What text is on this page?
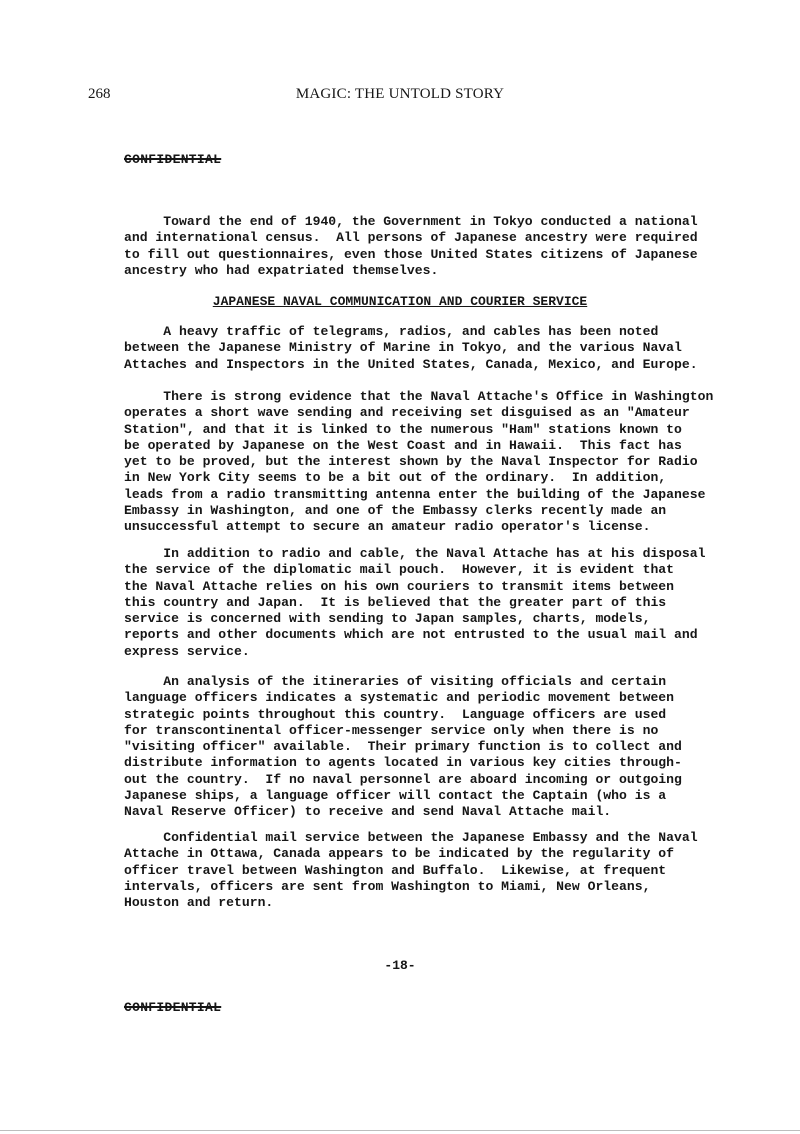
268	MAGIC: THE UNTOLD STORY
CONFIDENTIAL

Toward the end of 1940, the Government in Tokyo conducted a national

and international census.  All persons of Japanese ancestry were required

to fill out questionnaires, even those United States citizens of Japanese

ancestry who had expatriated themselves.

JAPANESE NAVAL COMMUNICATION AND COURIER SERVICE

A heavy traffic of telegrams, radios, and cables has been noted

between the Japanese Ministry of Marine in Tokyo, and the various Naval

Attaches and Inspectors in the United States, Canada, Mexico, and Europe.

There is strong evidence that the Naval Attache's Office in Washington

operates a short wave sending and receiving set disguised as an "Amateur

Station", and that it is linked to the numerous "Ham" stations known to

be operated by Japanese on the West Coast and in Hawaii.  This fact has

yet to be proved, but the interest shown by the Naval Inspector for Radio

in New York City seems to be a bit out of the ordinary.  In addition,

leads from a radio transmitting antenna enter the building of the Japanese

Embassy in Washington, and one of the Embassy clerks recently made an

unsuccessful attempt to secure an amateur radio operator's license.

In addition to radio and cable, the Naval Attache has at his disposal

the service of the diplomatic mail pouch.  However, it is evident that

the Naval Attache relies on his own couriers to transmit items between

this country and Japan.  It is believed that the greater part of this

service is concerned with sending to Japan samples, charts, models,

reports and other documents which are not entrusted to the usual mail and

express service.

An analysis of the itineraries of visiting officials and certain

language officers indicates a systematic and periodic movement between

strategic points throughout this country.  Language officers are used

for transcontinental officer-messenger service only when there is no

"visiting officer" available.  Their primary function is to collect and

distribute information to agents located in various key cities through-

out the country.  If no naval personnel are aboard incoming or outgoing

Japanese ships, a language officer will contact the Captain (who is a

Naval Reserve Officer) to receive and send Naval Attache mail.

Confidential mail service between the Japanese Embassy and the Naval

Attache in Ottawa, Canada appears to be indicated by the regularity of

officer travel between Washington and Buffalo.  Likewise, at frequent

intervals, officers are sent from Washington to Miami, New Orleans,

Houston and return.

-18-
CONFIDENTIAL
